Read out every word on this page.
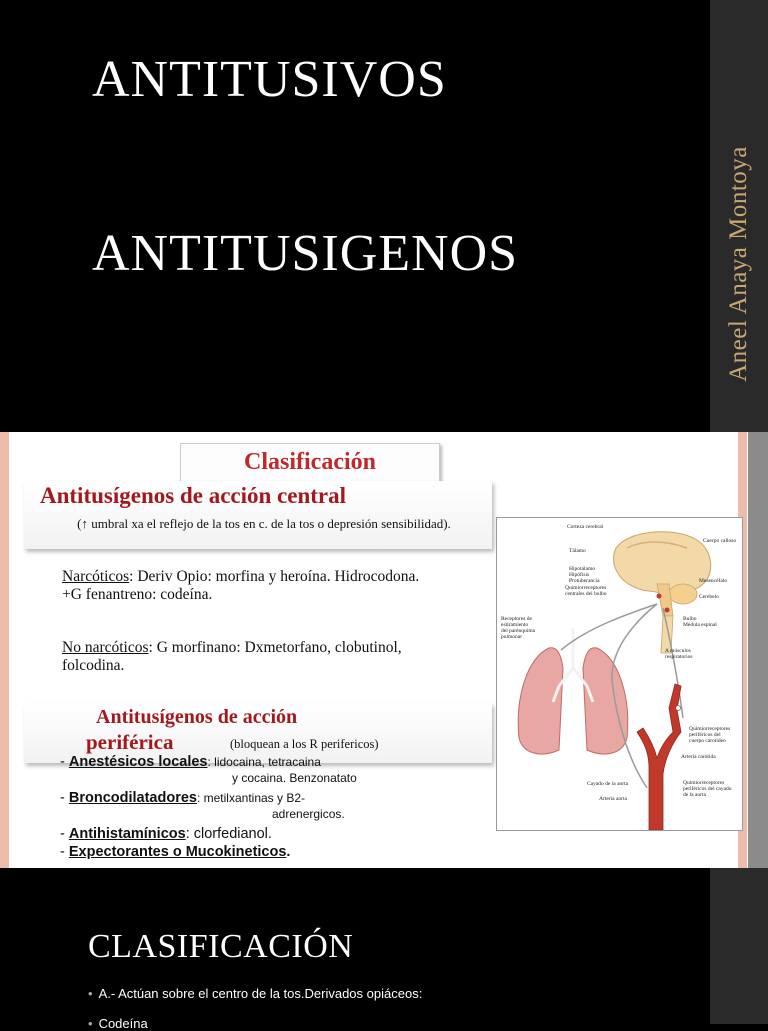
ANTITUSIVOS
ANTITUSIGENOS	Aneel Anaya Montoya
Clasificación
Antitusígenos de acción central
(↑ umbral xa el reflejo de la tos en c. de la tos o depresión sensibilidad).
Narcóticos: Deriv Opio: morfina y heroína. Hidrocodona.
+G fenantreno: codeína.
No narcóticos: G morfinano: Dxmetorfano, clobutinol, folcodina.
Antitusígenos de acción
periférica	(bloquean a los R perifericos)
- Anestésicos locales: lidocaina, tetracaina
y cocaina. Benzonatato
- Broncodilatadores: metilxantinas y B2-
adrenergicos.
- Antihistamínicos: clorfedianol.
- Expectorantes o Mucokineticos.
Corteza cerebral
Cuerpo calloso
Tálamo
Hipotálamo
Hipófisis
Protuberancia
Quimiorreceptores
centrales del bulbo
Mesencéfalo
Cerebelo
Bulbo
Médula espinal
Receptores de
estiramiento
del parénquima
pulmonar
A músculos
respiratorios
Quimiorreceptores
periféricos del
cuerpo carotídeo
Arteria carótida
Cayado de la aorta
Arteria aorta
Quimiorreceptores
periféricos del cayado
de la aorta
CLASIFICACIÓN
• A.- Actúan sobre el centro de la tos.Derivados opiáceos:
• Codeína
